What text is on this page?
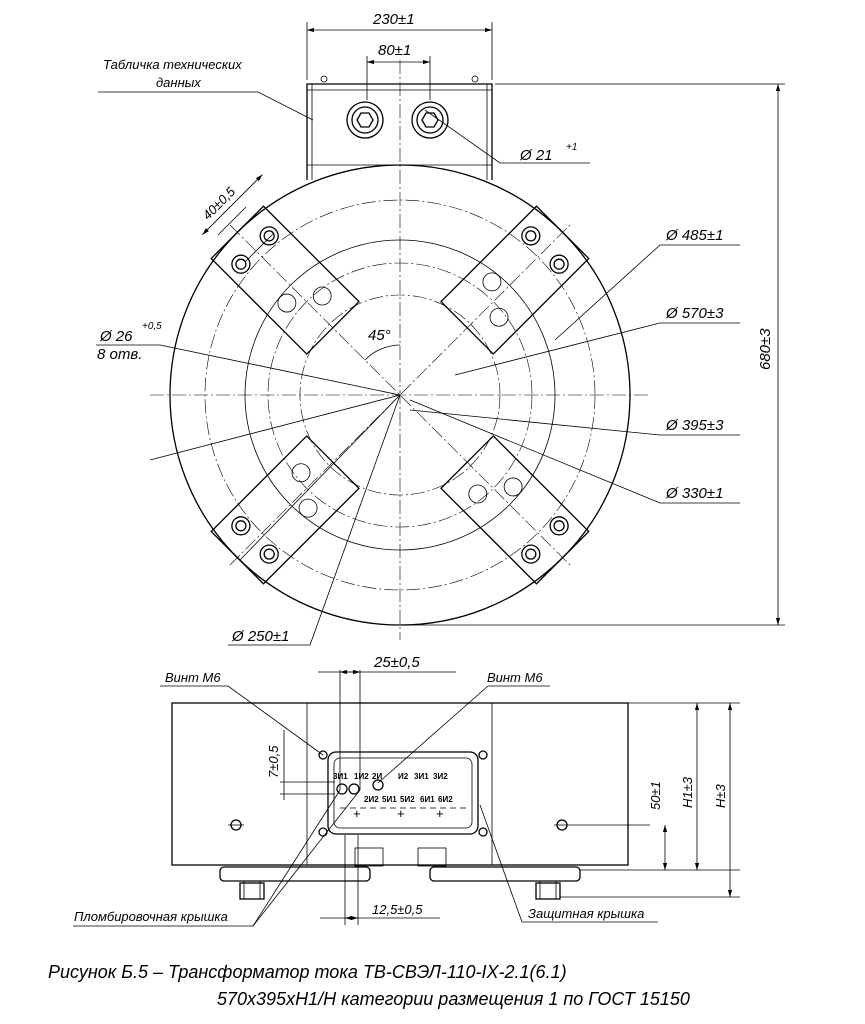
230±1
80±1
Табличка технических
данных
Ø 21 +1
40±0,5
Ø 485±1
Ø 570±3
Ø 395±3
Ø 330±1
Ø 26
+0,5
8 отв.
45°
Ø 250±1
680±3
3И1 1И2 2И И2 3И1 3И2
2И2 5И1 5И2 6И1 6И2
+	+ +
25±0,5
Винт М6	Винт М6
7±0,5
50±1 H1±3 H±3
Пломбировочная крышка	12,5±0,5	Защитная крышка
Рисунок Б.5 – Трансформатор тока ТВ-СВЭЛ-110-IX-2.1(6.1)
570x395xH1/H категории размещения 1 по ГОСТ 15150
